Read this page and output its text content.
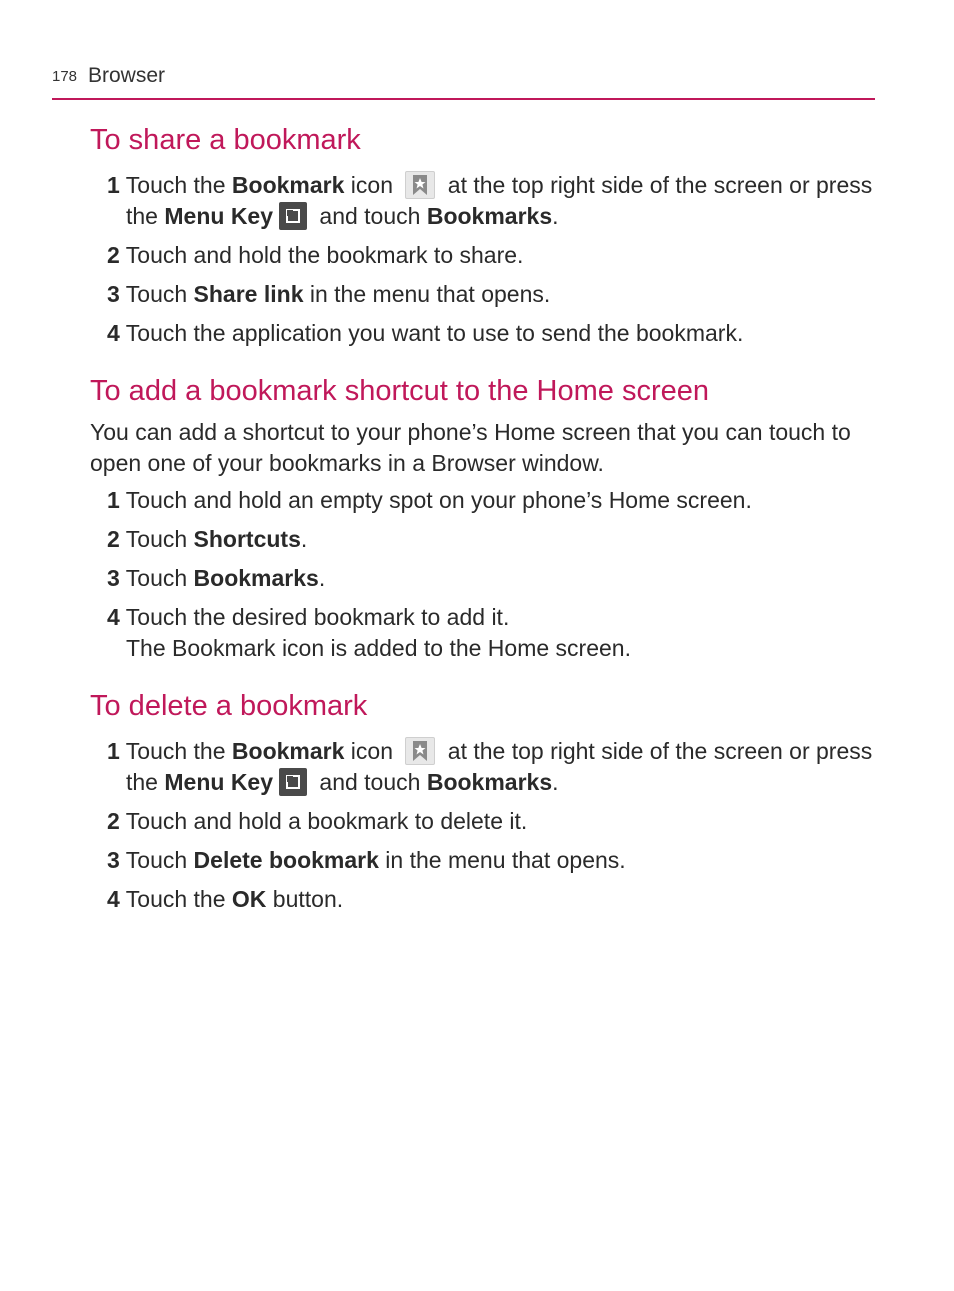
178 Browser
To share a bookmark
1 Touch the Bookmark icon
at the top right side of the screen or press the Menu Key
and touch Bookmarks.
2 Touch and hold the bookmark to share.
3 Touch Share link in the menu that opens.
4 Touch the application you want to use to send the bookmark.
To add a bookmark shortcut to the Home screen

You can add a shortcut to your phone’s Home screen that you can touch to open one of your bookmarks in a Browser window.

1 Touch and hold an empty spot on your phone’s Home screen.
2 Touch Shortcuts.
3 Touch Bookmarks.
4 Touch the desired bookmark to add it.
The Bookmark icon is added to the Home screen.
To delete a bookmark
1 Touch the Bookmark icon
at the top right side of the screen or press the Menu Key
and touch Bookmarks.
2 Touch and hold a bookmark to delete it.
3 Touch Delete bookmark in the menu that opens.
4 Touch the OK button.
